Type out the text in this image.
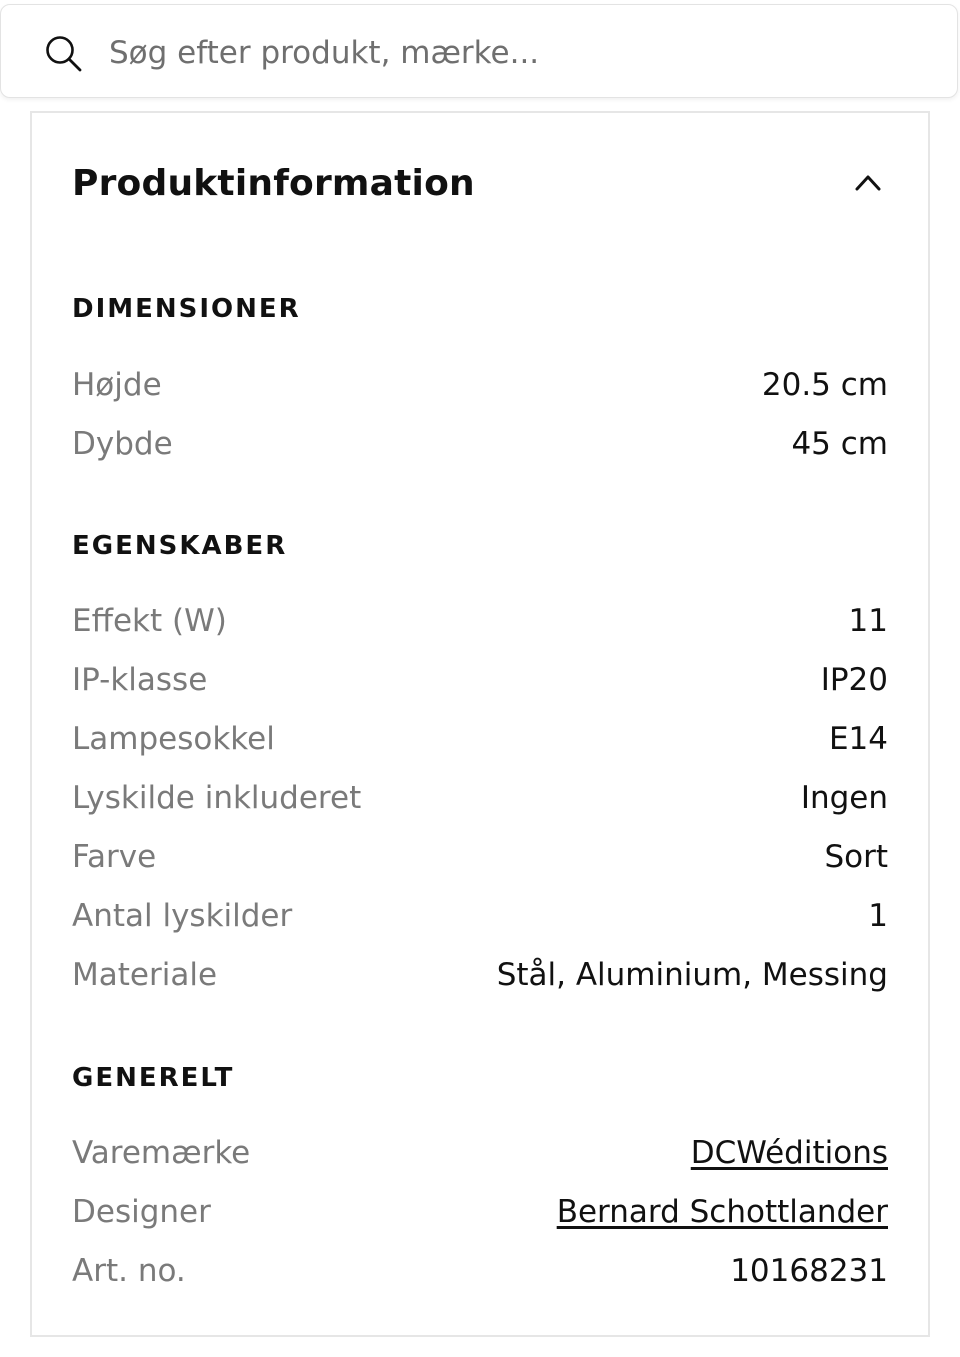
Søg efter produkt, mærke...
Produktinformation
DIMENSIONER
Højde	20.5 cm
Dybde	45 cm
EGENSKABER
Effekt (W)	11
IP-klasse	IP20
Lampesokkel	E14
Lyskilde inkluderet	Ingen
Farve	Sort
Antal lyskilder	1
Materiale	Stål, Aluminium, Messing
GENERELT
Varemærke	DCWéditions
Designer	Bernard Schottlander
Art. no.	10168231
